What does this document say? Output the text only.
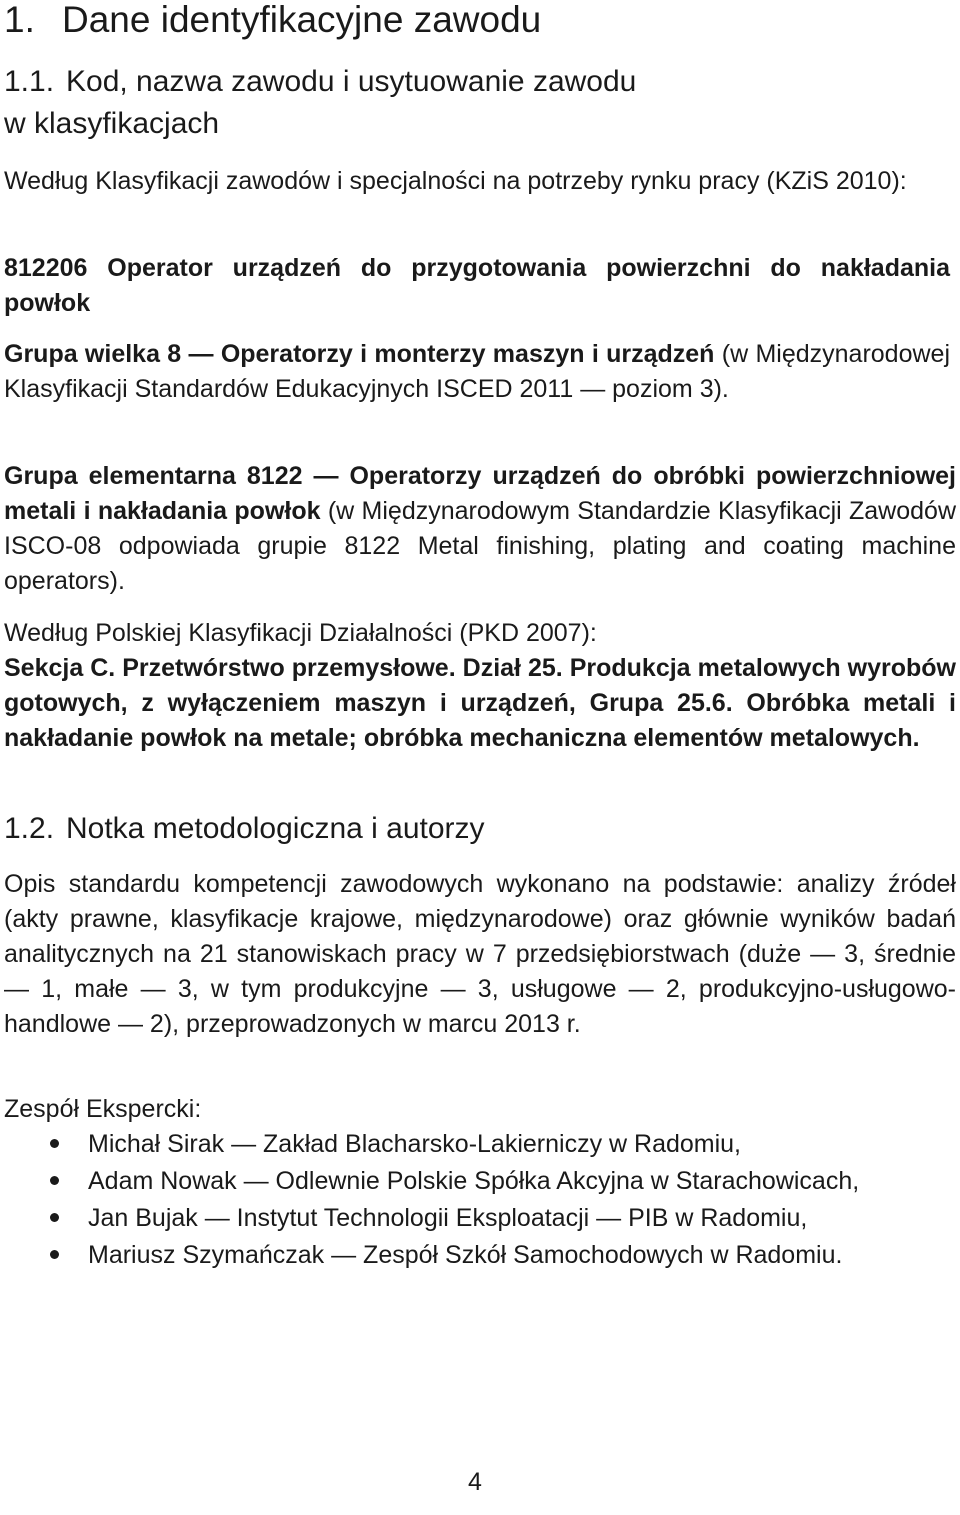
1. Dane identyfikacyjne zawodu
1.1. Kod, nazwa zawodu i usytuowanie zawodu
w klasyfikacjach

Według Klasyfikacji zawodów i specjalności na potrzeby rynku pracy (KZiS 2010):

812206 Operator urządzeń do przygotowania powierzchni do nakładania powłok

Grupa wielka 8 — Operatorzy i monterzy maszyn i urządzeń (w Międzynarodowej Klasyfikacji Standardów Edukacyjnych ISCED 2011 — poziom 3).

Grupa elementarna 8122 — Operatorzy urządzeń do obróbki powierzchniowej metali i nakładania powłok (w Międzynarodowym Standardzie Klasyfikacji Zawodów ISCO-08 odpowiada grupie 8122 Metal finishing, plating and coating machine operators).

Według Polskiej Klasyfikacji Działalności (PKD 2007):

Sekcja C. Przetwórstwo przemysłowe. Dział 25. Produkcja metalowych wyrobów gotowych, z wyłączeniem maszyn i urządzeń, Grupa 25.6. Obróbka metali i nakładanie powłok na metale; obróbka mechaniczna elementów metalowych.

1.2. Notka metodologiczna i autorzy

Opis standardu kompetencji zawodowych wykonano na podstawie: analizy źródeł (akty prawne, klasyfikacje krajowe, międzynarodowe) oraz głównie wyników badań analitycznych na 21 stanowiskach pracy w 7 przedsiębiorstwach (duże — 3, średnie — 1, małe — 3, w tym produkcyjne — 3, usługowe — 2, produkcyjno-usługowo-handlowe — 2), przeprowadzonych w marcu 2013 r.

Zespół Ekspercki:

Michał Sirak — Zakład Blacharsko-Lakierniczy w Radomiu,
Adam Nowak — Odlewnie Polskie Spółka Akcyjna w Starachowicach,
Jan Bujak — Instytut Technologii Eksploatacji — PIB w Radomiu,
Mariusz Szymańczak — Zespół Szkół Samochodowych w Radomiu.
4
